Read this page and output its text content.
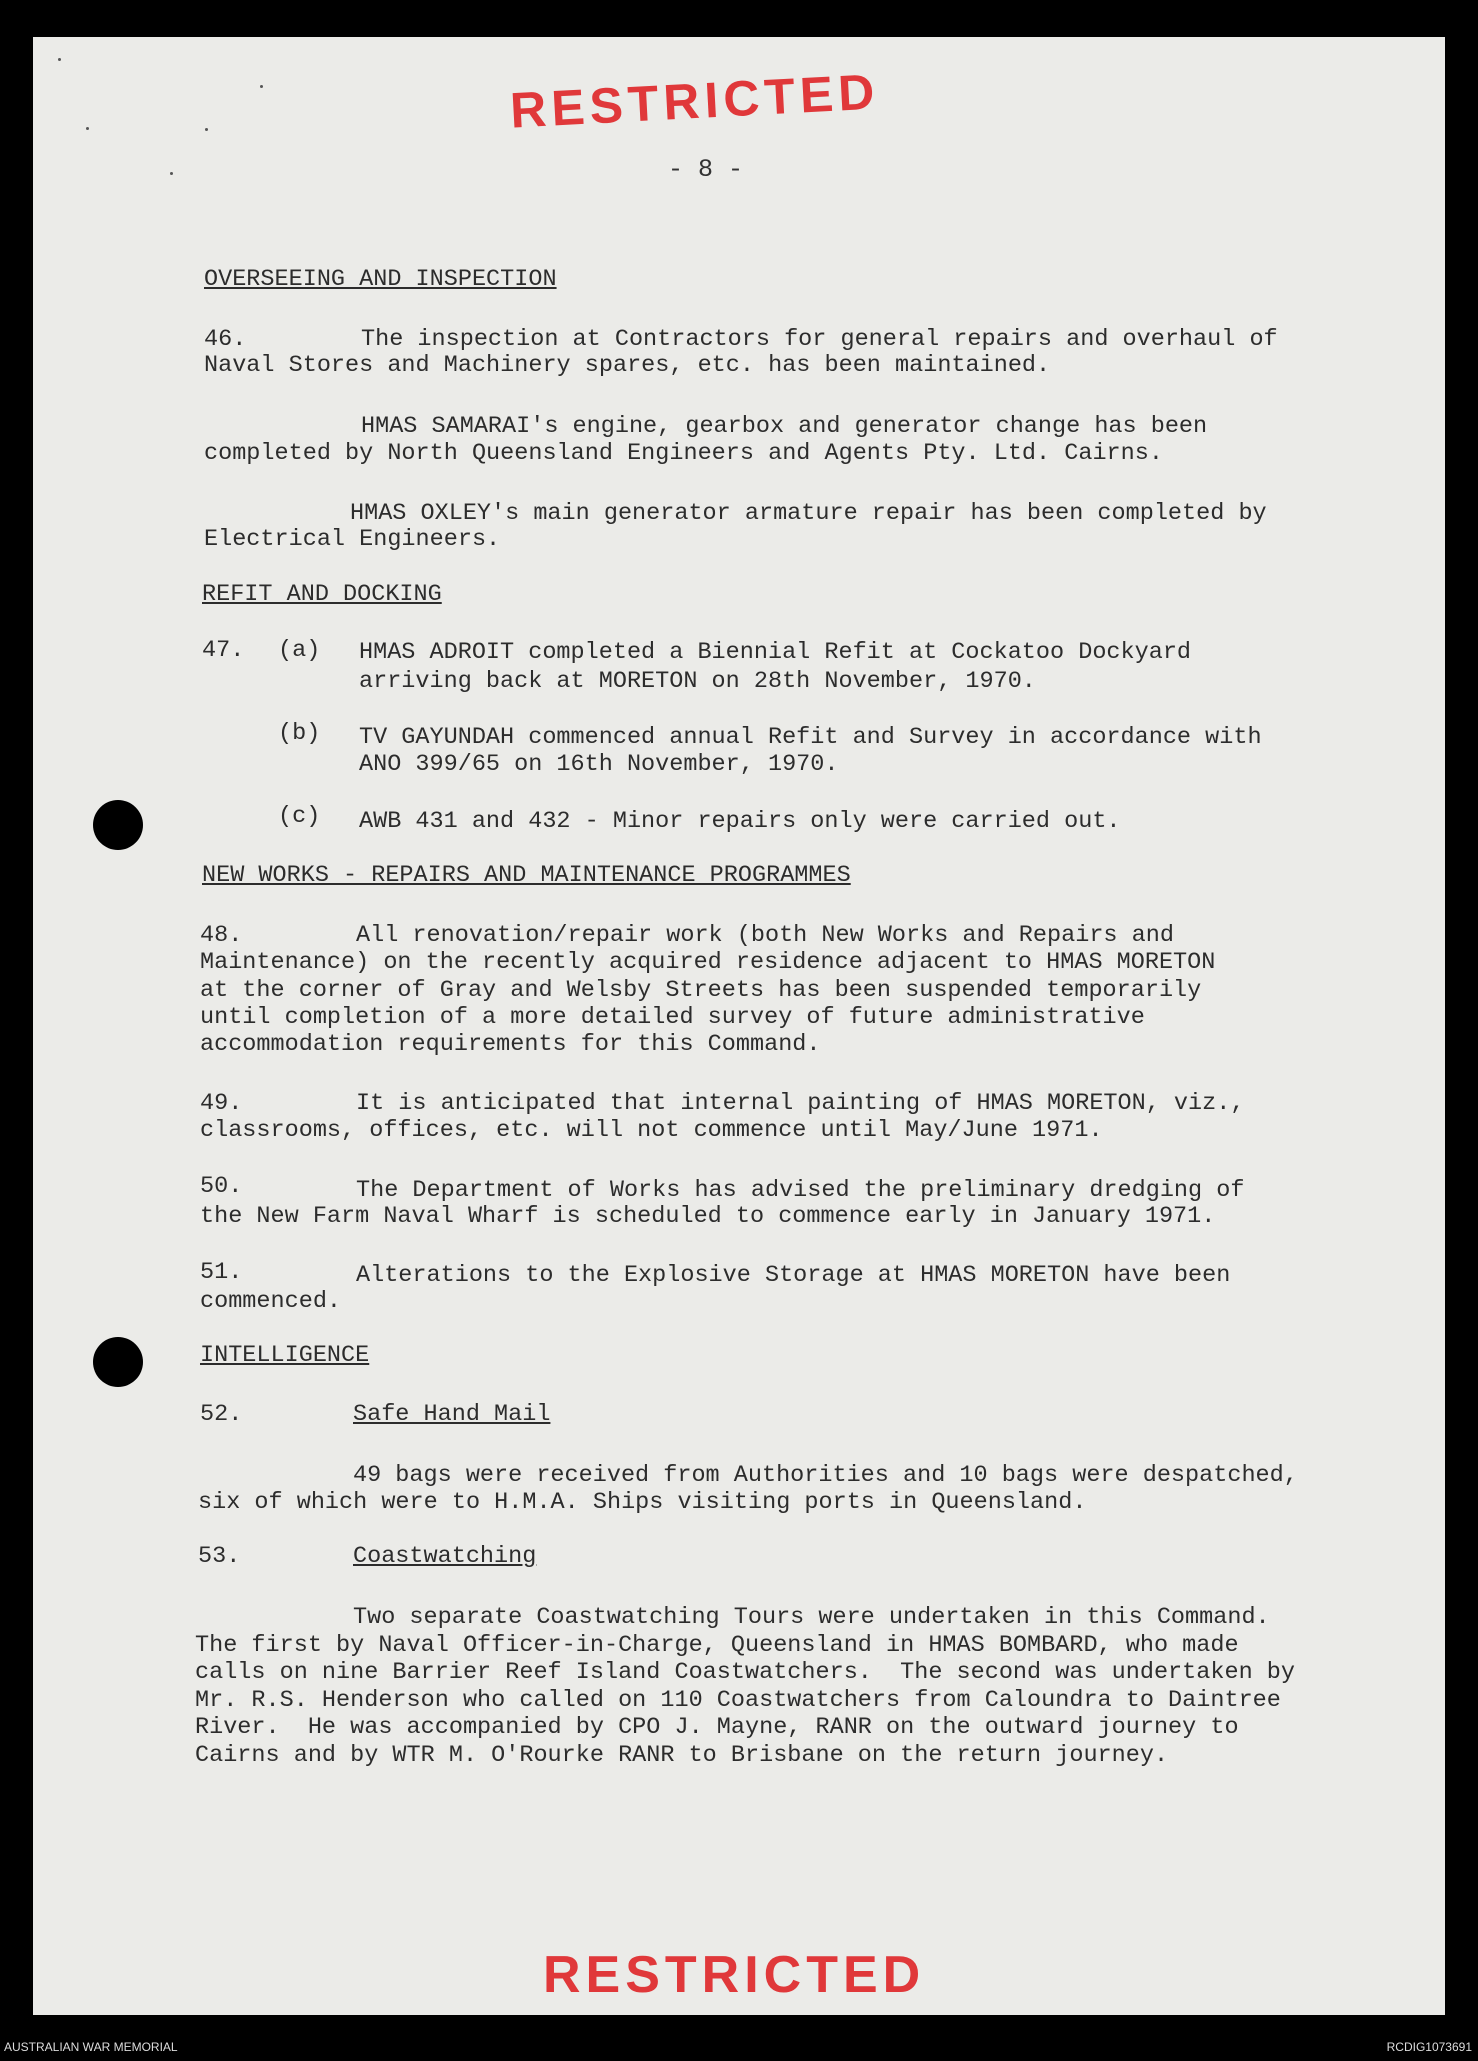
RESTRICTED
- 8 -

OVERSEEING AND INSPECTION

46.	The inspection at Contractors for general repairs and overhaul of

Naval Stores and Machinery spares, etc. has been maintained.

HMAS SAMARAI's engine, gearbox and generator change has been

completed by North Queensland Engineers and Agents Pty. Ltd. Cairns.

HMAS OXLEY's main generator armature repair has been completed by

Electrical Engineers.

REFIT AND DOCKING

47. (a) HMAS ADROIT completed a Biennial Refit at Cockatoo Dockyard

arriving back at MORETON on 28th November, 1970.

(b) TV GAYUNDAH commenced annual Refit and Survey in accordance with

ANO 399/65 on 16th November, 1970.

(c) AWB 431 and 432 - Minor repairs only were carried out.

NEW WORKS - REPAIRS AND MAINTENANCE PROGRAMMES

48.	All renovation/repair work (both New Works and Repairs and

Maintenance) on the recently acquired residence adjacent to HMAS MORETON

at the corner of Gray and Welsby Streets has been suspended temporarily

until completion of a more detailed survey of future administrative

accommodation requirements for this Command.

49.	It is anticipated that internal painting of HMAS MORETON, viz.,

classrooms, offices, etc. will not commence until May/June 1971.

50.	The Department of Works has advised the preliminary dredging of

the New Farm Naval Wharf is scheduled to commence early in January 1971.

51.	Alterations to the Explosive Storage at HMAS MORETON have been

commenced.

INTELLIGENCE

52.	Safe Hand Mail

49 bags were received from Authorities and 10 bags were despatched,

six of which were to H.M.A. Ships visiting ports in Queensland.

53.	Coastwatching

Two separate Coastwatching Tours were undertaken in this Command.

The first by Naval Officer-in-Charge, Queensland in HMAS BOMBARD, who made

calls on nine Barrier Reef Island Coastwatchers.  The second was undertaken by

Mr. R.S. Henderson who called on 110 Coastwatchers from Caloundra to Daintree

River.  He was accompanied by CPO J. Mayne, RANR on the outward journey to

Cairns and by WTR M. O'Rourke RANR to Brisbane on the return journey.

RESTRICTED
AUSTRALIAN WAR MEMORIAL	RCDIG1073691
